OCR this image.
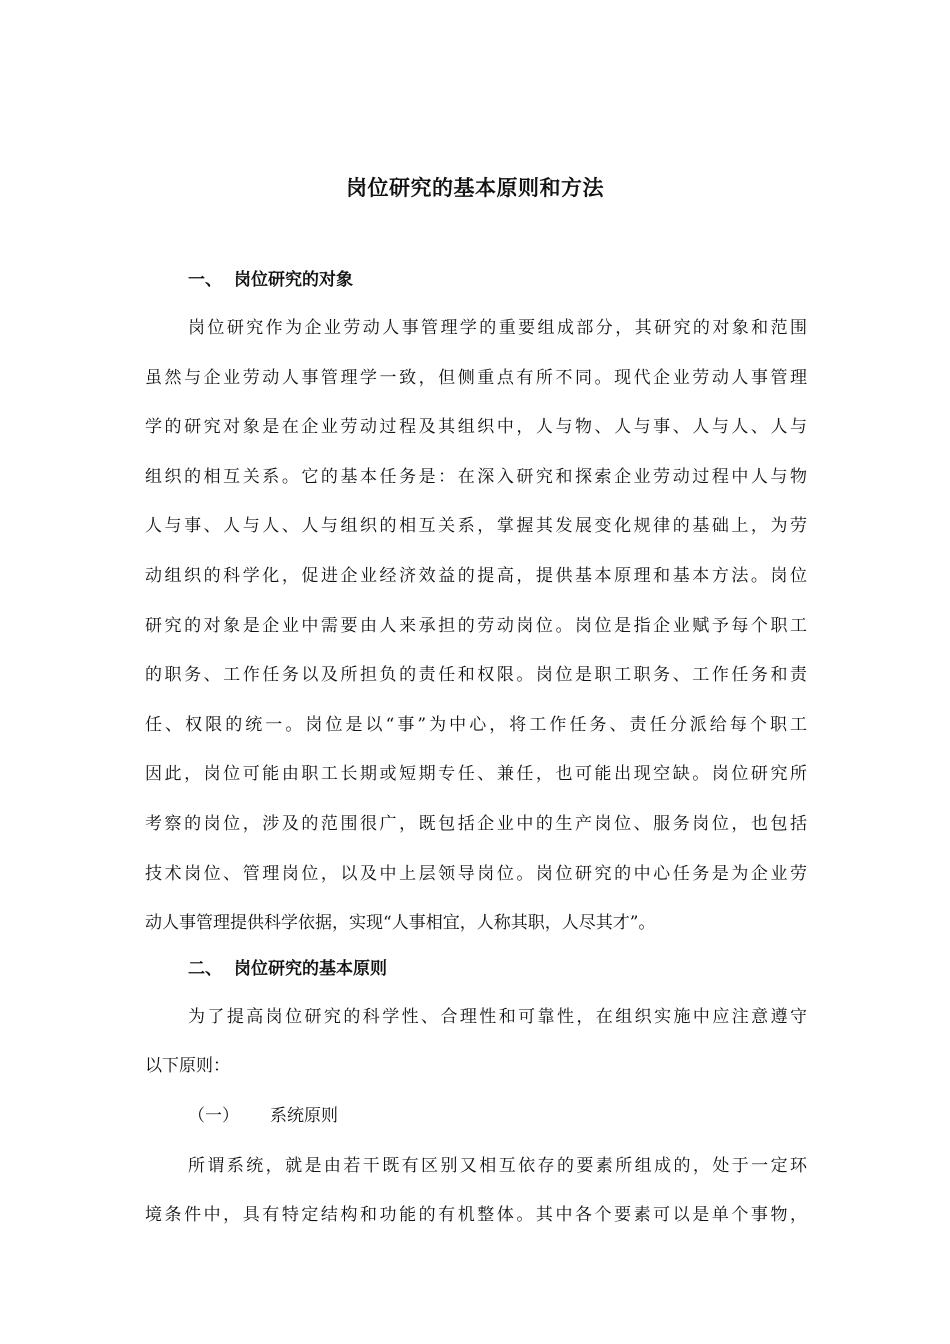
岗位研究的基本原则和方法
一、 岗位研究的对象
岗位研究作为企业劳动人事管理学的重要组成部分，其研究的对象和范围
虽然与企业劳动人事管理学一致，但侧重点有所不同。现代企业劳动人事管理
学的研究对象是在企业劳动过程及其组织中，人与物、人与事、人与人、人与
组织的相互关系。它的基本任务是：在深入研究和探索企业劳动过程中人与物
人与事、人与人、人与组织的相互关系，掌握其发展变化规律的基础上，为劳
动组织的科学化，促进企业经济效益的提高，提供基本原理和基本方法。岗位
研究的对象是企业中需要由人来承担的劳动岗位。岗位是指企业赋予每个职工
的职务、工作任务以及所担负的责任和权限。岗位是职工职务、工作任务和责
任、权限的统一。岗位是以“事”为中心，将工作任务、责任分派给每个职工
因此，岗位可能由职工长期或短期专任、兼任，也可能出现空缺。岗位研究所
考察的岗位，涉及的范围很广，既包括企业中的生产岗位、服务岗位，也包括
技术岗位、管理岗位，以及中上层领导岗位。岗位研究的中心任务是为企业劳
动人事管理提供科学依据，实现“人事相宜，人称其职，人尽其才”。
二、 岗位研究的基本原则
为了提高岗位研究的科学性、合理性和可靠性，在组织实施中应注意遵守
以下原则：
（一） 系统原则
所谓系统，就是由若干既有区别又相互依存的要素所组成的，处于一定环
境条件中，具有特定结构和功能的有机整体。其中各个要素可以是单个事物，
